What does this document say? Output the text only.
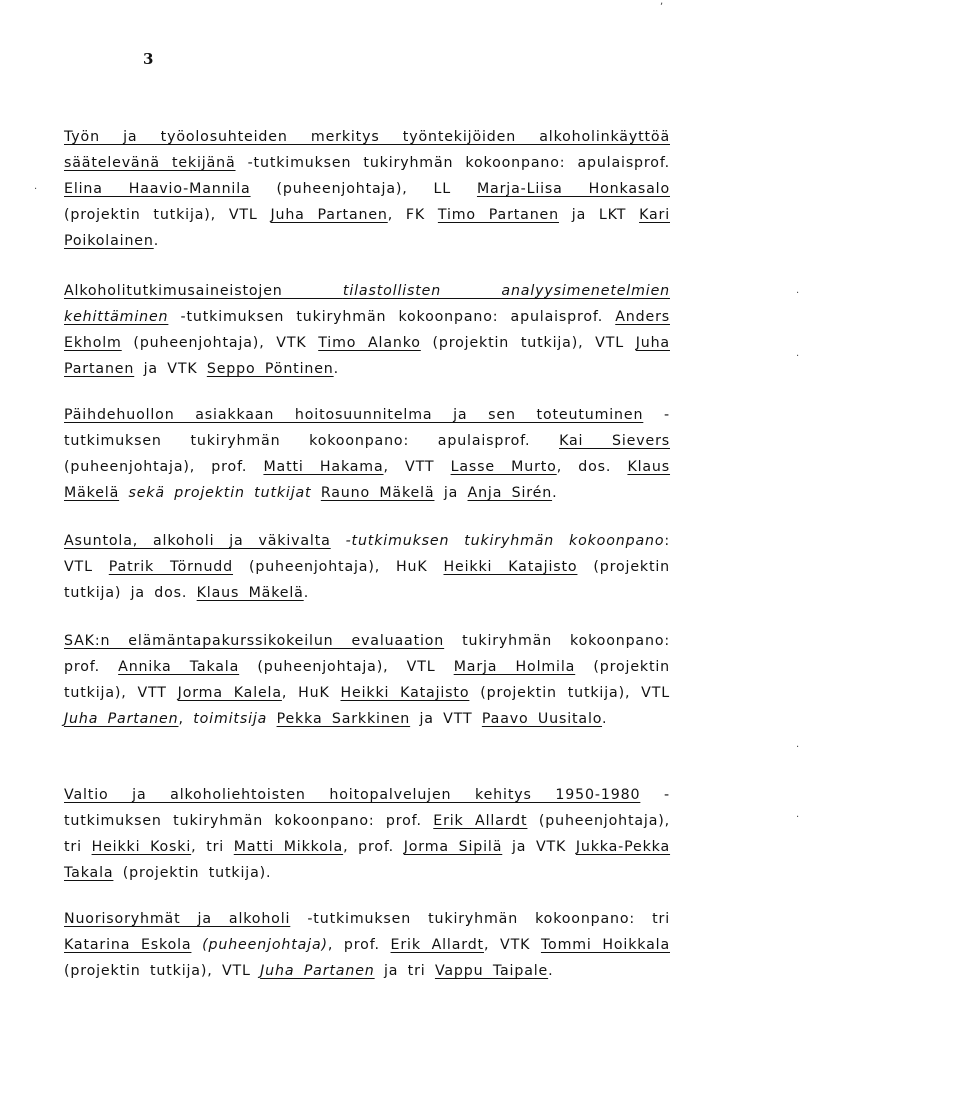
3
·
·
·
·
·
,
Työn ja työolosuhteiden merkitys työntekijöiden alkoholinkäyttöä säätelevänä tekijänä -tutkimuksen tukiryhmän kokoonpano: apulaisprof. Elina Haavio-Mannila (puheenjohtaja), LL Marja-Liisa Honkasalo (projektin tutkija), VTL Juha Partanen, FK Timo Partanen ja LKT Kari Poikolainen.
Alkoholitutkimusaineistojen tilastollisten analyysimenetelmien kehittäminen -tutkimuksen tukiryhmän kokoonpano: apulaisprof. Anders Ekholm (puheenjohtaja), VTK Timo Alanko (projektin tutkija), VTL Juha Partanen ja VTK Seppo Pöntinen.
Päihdehuollon asiakkaan hoitosuunnitelma ja sen toteutuminen -tutkimuksen tukiryhmän kokoonpano: apulaisprof. Kai Sievers (puheenjohtaja), prof. Matti Hakama, VTT Lasse Murto, dos. Klaus Mäkelä sekä projektin tutkijat Rauno Mäkelä ja Anja Sirén.
Asuntola, alkoholi ja väkivalta -tutkimuksen tukiryhmän kokoonpano: VTL Patrik Törnudd (puheenjohtaja), HuK Heikki Katajisto (projektin tutkija) ja dos. Klaus Mäkelä.
SAK:n elämäntapakurssikokeilun evaluaation tukiryhmän kokoonpano: prof. Annika Takala (puheenjohtaja), VTL Marja Holmila (projektin tutkija), VTT Jorma Kalela, HuK Heikki Katajisto (projektin tutkija), VTL Juha Partanen, toimitsija Pekka Sarkkinen ja VTT Paavo Uusitalo.
Valtio ja alkoholiehtoisten hoitopalvelujen kehitys 1950-1980 -tutkimuksen tukiryhmän kokoonpano: prof. Erik Allardt (puheenjohtaja), tri Heikki Koski, tri Matti Mikkola, prof. Jorma Sipilä ja VTK Jukka-Pekka Takala (projektin tutkija).
Nuorisoryhmät ja alkoholi -tutkimuksen tukiryhmän kokoonpano: tri Katarina Eskola (puheenjohtaja), prof. Erik Allardt, VTK Tommi Hoikkala (projektin tutkija), VTL Juha Partanen ja tri Vappu Taipale.
